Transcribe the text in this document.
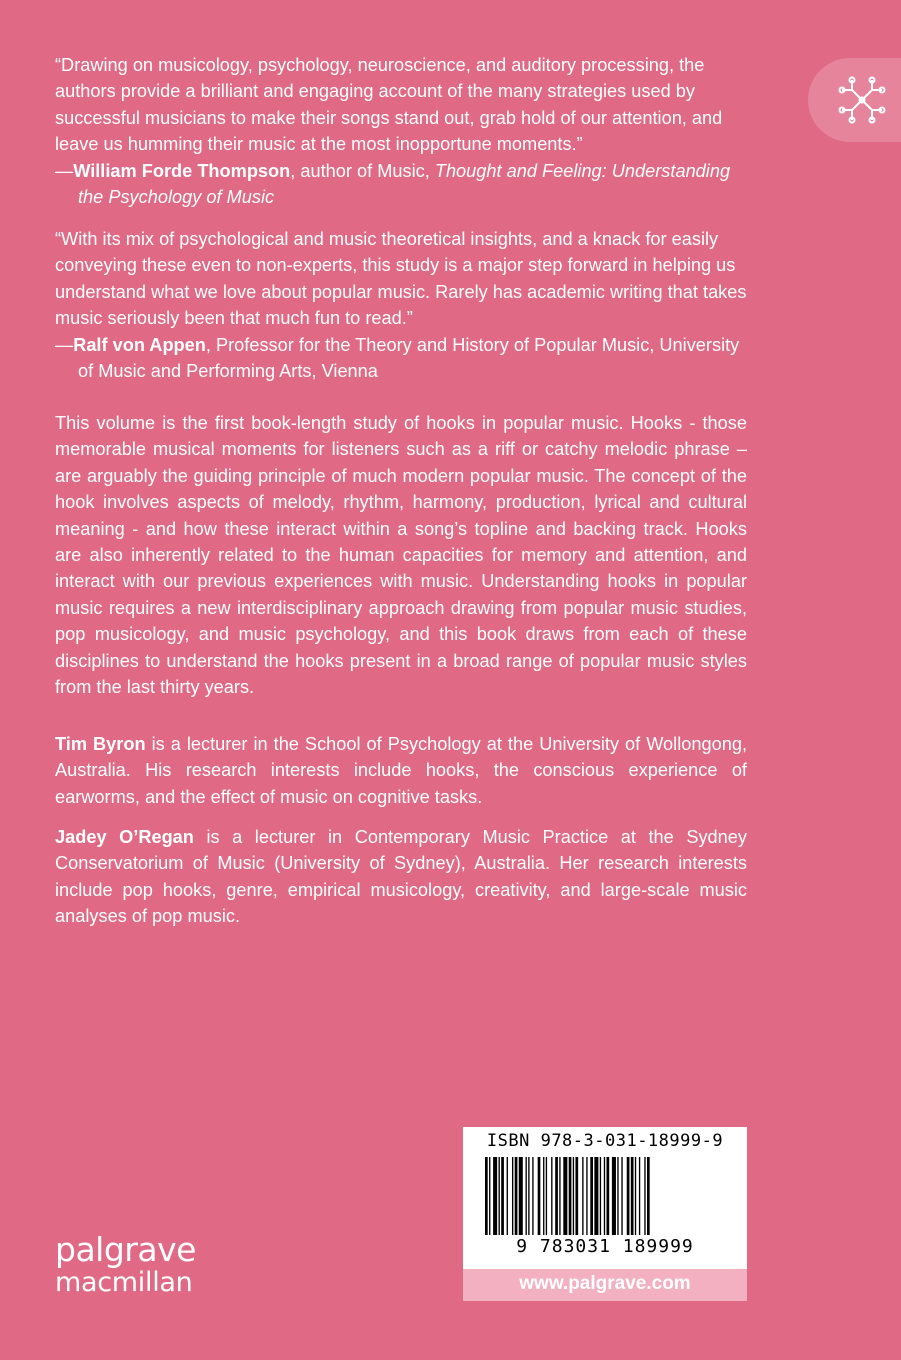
“Drawing on musicology, psychology, neuroscience, and auditory processing, the authors provide a brilliant and engaging account of the many strategies used by successful musicians to make their songs stand out, grab hold of our attention, and leave us humming their music at the most inopportune moments.”

—William Forde Thompson, author of Music, Thought and Feeling: Understanding the Psychology of Music

“With its mix of psychological and music theoretical insights, and a knack for easily conveying these even to non-experts, this study is a major step forward in helping us understand what we love about popular music. Rarely has academic writing that takes music seriously been that much fun to read.”

—Ralf von Appen, Professor for the Theory and History of Popular Music, University of Music and Performing Arts, Vienna

This volume is the first book-length study of hooks in popular music. Hooks - those memorable musical moments for listeners such as a riff or catchy melodic phrase – are arguably the guiding principle of much modern popular music. The concept of the hook involves aspects of melody, rhythm, harmony, production, lyrical and cultural meaning - and how these interact within a song’s topline and backing track. Hooks are also inherently related to the human capacities for memory and attention, and interact with our previous experiences with music. Understanding hooks in popular music requires a new interdisciplinary approach drawing from popular music studies, pop musicology, and music psychology, and this book draws from each of these disciplines to understand the hooks present in a broad range of popular music styles from the last thirty years.

Tim Byron is a lecturer in the School of Psychology at the University of Wollongong, Australia. His research interests include hooks, the conscious experience of earworms, and the effect of music on cognitive tasks.

Jadey O’Regan is a lecturer in Contemporary Music Practice at the Sydney Conservatorium of Music (University of Sydney), Australia. Her research interests include pop hooks, genre, empirical musicology, creativity, and large-scale music analyses of pop music.

palgrave
macmillan
ISBN 978-3-031-18999-9
9 783031 189999
www.palgrave.com
